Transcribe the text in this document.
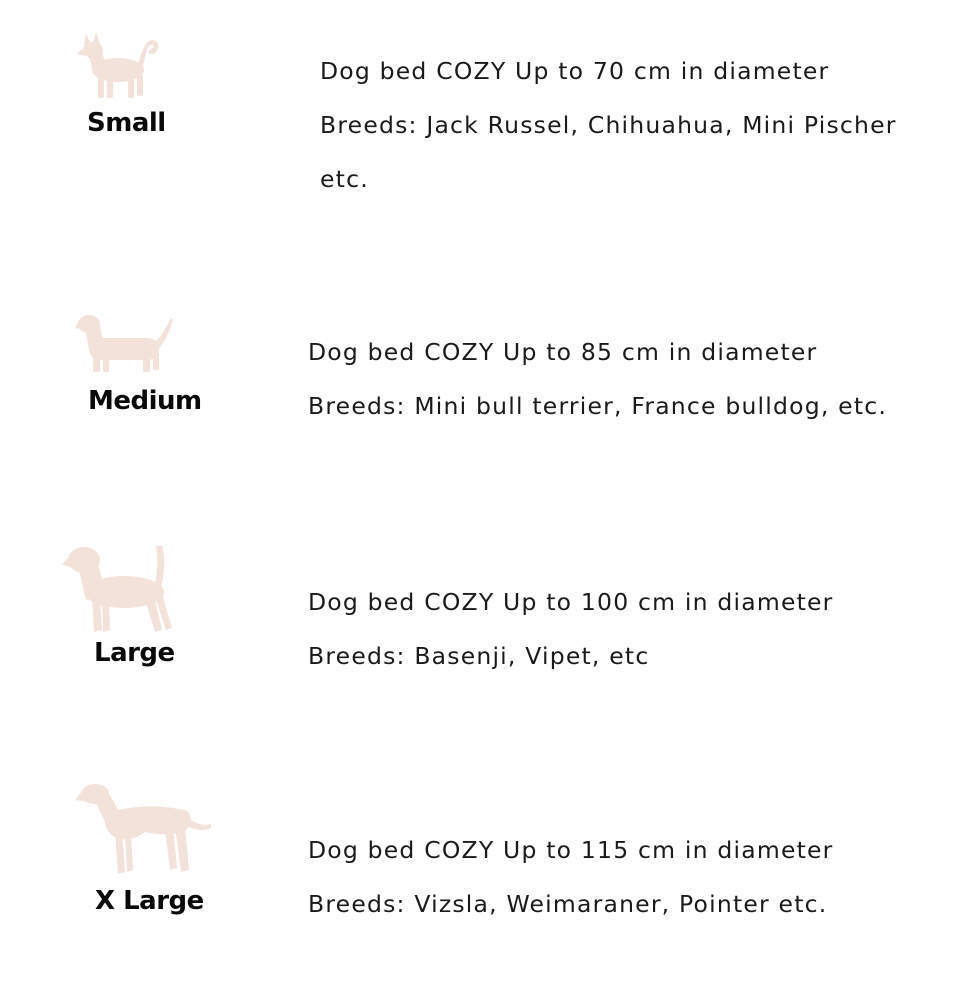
Small

Dog bed COZY Up to 70 cm in diameter

Breeds: Jack Russel, Chihuahua, Mini Pischer etc.

Medium

Dog bed COZY Up to 85 cm in diameter

Breeds: Mini bull terrier, France bulldog, etc.

Large

Dog bed COZY Up to 100 cm in diameter

Breeds: Basenji, Vipet, etc

X Large

Dog bed COZY Up to 115 cm in diameter

Breeds: Vizsla, Weimaraner, Pointer etc.
